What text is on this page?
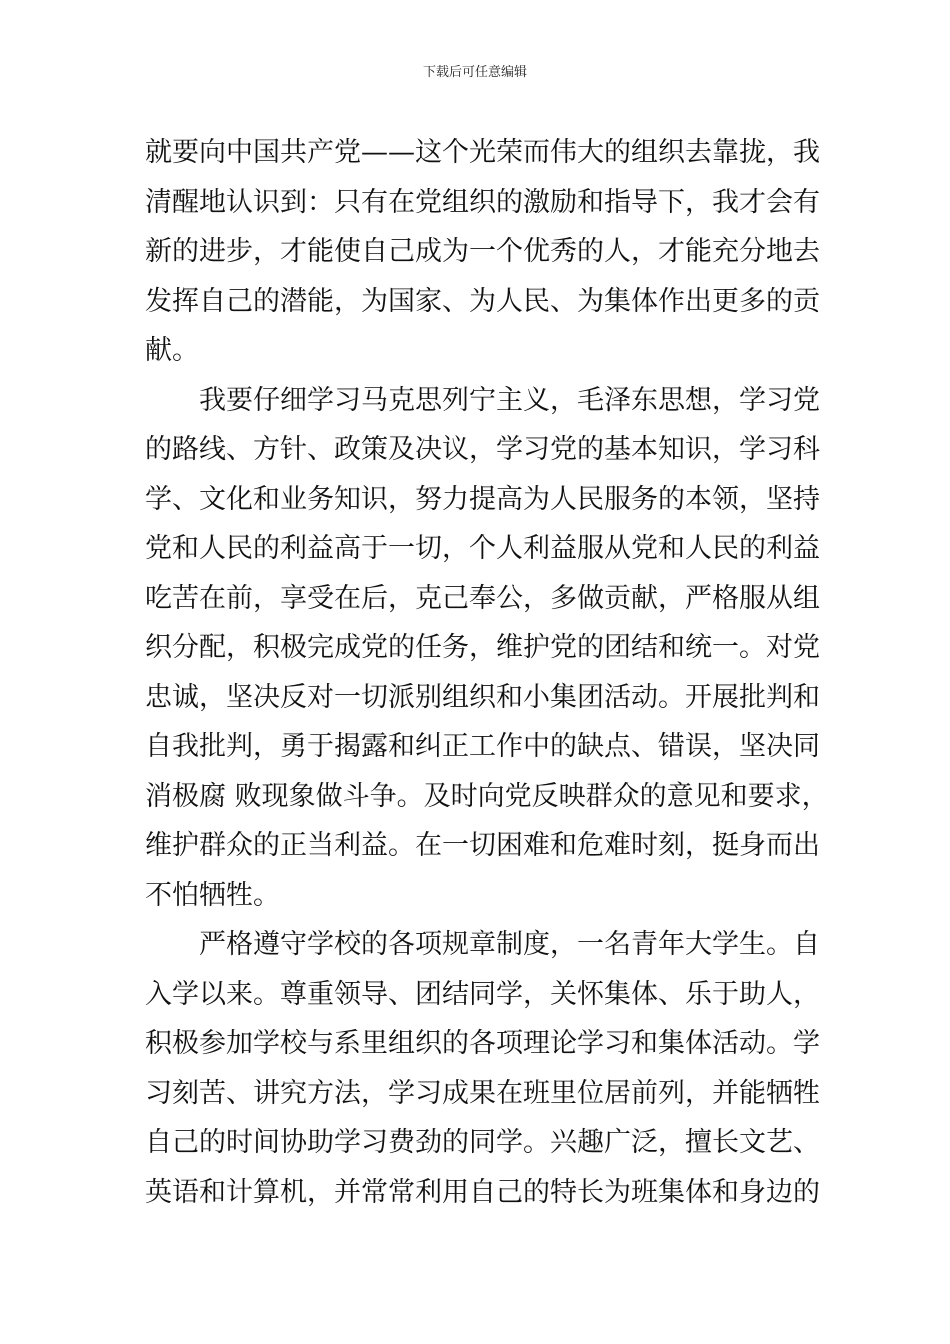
下载后可任意编辑
就要向中国共产党——这个光荣而伟大的组织去靠拢，我
清醒地认识到：只有在党组织的激励和指导下，我才会有
新的进步，才能使自己成为一个优秀的人，才能充分地去
发挥自己的潜能，为国家、为人民、为集体作出更多的贡
献。
我要仔细学习马克思列宁主义，毛泽东思想，学习党
的路线、方针、政策及决议，学习党的基本知识，学习科
学、文化和业务知识，努力提高为人民服务的本领，坚持
党和人民的利益高于一切，个人利益服从党和人民的利益
吃苦在前，享受在后，克己奉公，多做贡献，严格服从组
织分配，积极完成党的任务，维护党的团结和统一。对党
忠诚，坚决反对一切派别组织和小集团活动。开展批判和
自我批判，勇于揭露和纠正工作中的缺点、错误，坚决同
消极腐 败现象做斗争。及时向党反映群众的意见和要求，
维护群众的正当利益。在一切困难和危难时刻，挺身而出
不怕牺牲。
严格遵守学校的各项规章制度，一名青年大学生。自
入学以来。尊重领导、团结同学，关怀集体、乐于助人，
积极参加学校与系里组织的各项理论学习和集体活动。学
习刻苦、讲究方法，学习成果在班里位居前列，并能牺牲
自己的时间协助学习费劲的同学。兴趣广泛，擅长文艺、
英语和计算机，并常常利用自己的特长为班集体和身边的
